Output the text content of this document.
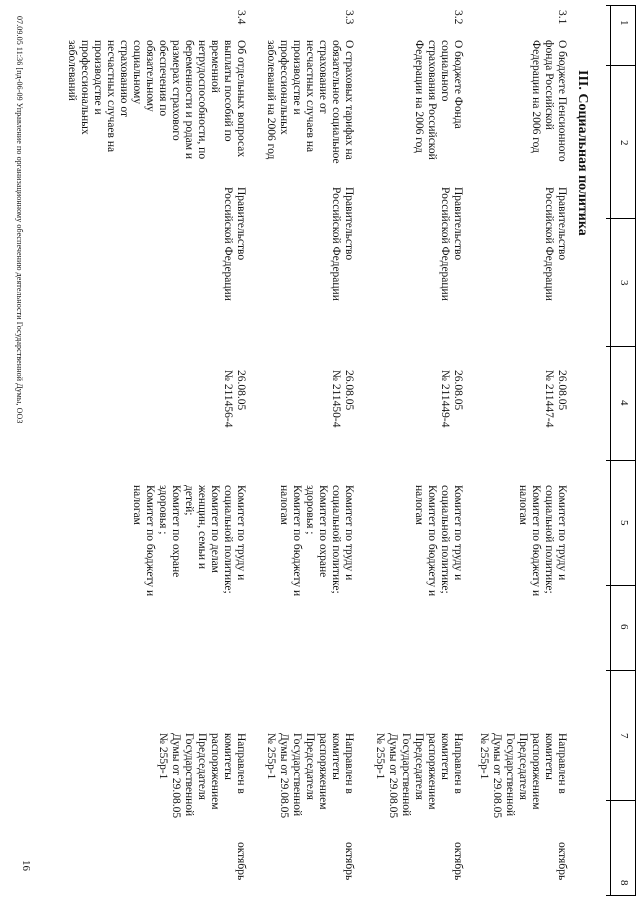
1
2
3
4
5
6
7
8
III. Социальная политика
3.1
О бюджете Пенсионного
фонда Российской
Федерации на 2006 год
Правительство
Российской Федерации
26.08.05
№ 211447-4
Комитет по труду и
социальной политике;
Комитет по бюджету и
налогам
Направлен в
комитеты
распоряжением
Председателя
Государственной
Думы от 29.08.05
№ 255р-1
октябрь
3.2
О бюджете Фонда
социального
страхования Российской
Федерации на 2006 год
Правительство
Российской Федерации
26.08.05
№ 211449-4
Комитет по труду и
социальной политике;
Комитет по бюджету и
налогам
Направлен в
комитеты
распоряжением
Председателя
Государственной
Думы от 29.08.05
№ 255р-1
октябрь
3.3
О страховых тарифах на
обязательное социальное
страхование от
несчастных случаев на
производстве и
профессиональных
заболеваний на 2006 год
Правительство
Российской Федерации
26.08.05
№ 211450-4
Комитет по труду и
социальной политике;
Комитет по охране
здоровья ;
Комитет по бюджету и
налогам
Направлен в
комитеты
распоряжением
Председателя
Государственной
Думы от 29.08.05
№ 255р-1
октябрь
3.4
Об отдельных вопросах
выплаты пособий по
временной
нетрудоспособности, по
беременности и родам и
размерах страхового
обеспечения по
обязательному
социальному
страхованию от
несчастных случаев на
производстве и
профессиональных
заболеваний
Правительство
Российской Федерации
26.08.05
№ 211456-4
Комитет по труду и
социальной политике;
Комитет по делам
женщин, семьи и
детей;
Комитет по охране
здоровья ;
Комитет по бюджету и
налогам
Направлен в
комитеты
распоряжением
Председателя
Государственной
Думы от 29.08.05
№ 255р-1
октябрь
07.09.05 11:36 [пд-06-09 Управление по организационному обеспечению деятельности Государственной Думы, ООЗ
16
